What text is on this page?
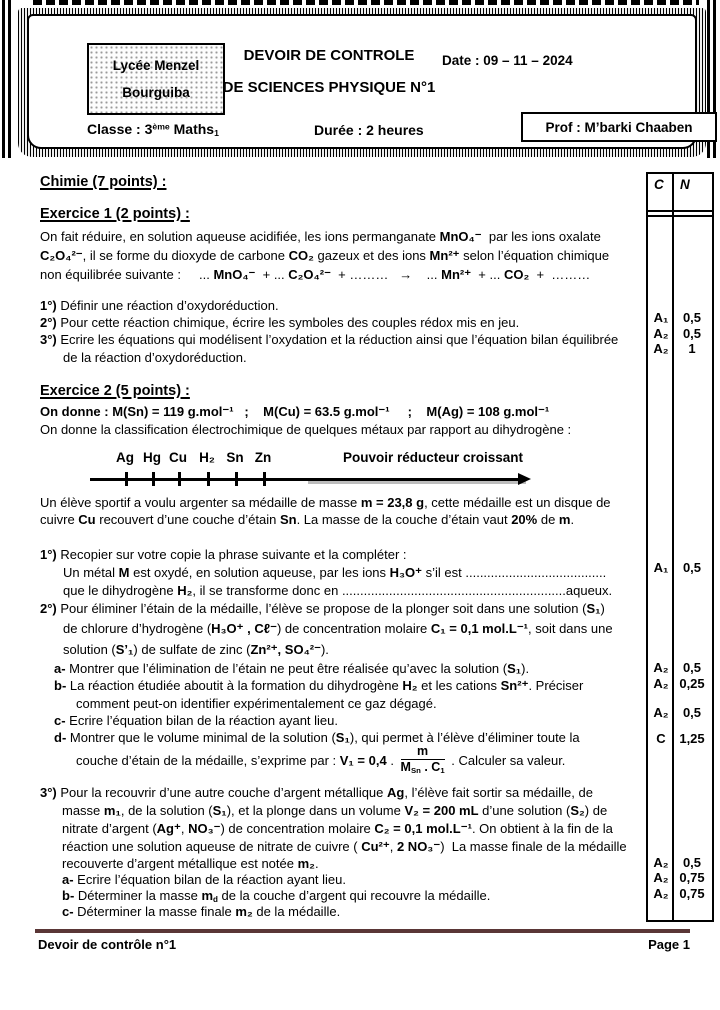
Lycée Menzel
Bourguiba
DEVOIR DE CONTROLE
DE SCIENCES PHYSIQUE N°1
Date : 09 – 11 – 2024
Classe : 3ème Maths$_1$	Durée : 2 heures	Prof : M’barki Chaaben
Chimie (7 points) :
Exercice 1 (2 points) :
On fait réduire, en solution aqueuse acidifiée, les ions permanganate MnO₄⁻  par les ions oxalate
C₂O₄²⁻, il se forme du dioxyde de carbone CO₂ gazeux et des ions Mn²⁺ selon l’équation chimique
non équilibrée suivante :     ... MnO₄⁻  + ... C₂O₄²⁻  + ………   →    ... Mn²⁺  + ... CO₂  +  ………
1°) Définir une réaction d’oxydoréduction.
2°) Pour cette réaction chimique, écrire les symboles des couples rédox mis en jeu.
3°) Ecrire les équations qui modélisent l’oxydation et la réduction ainsi que l’équation bilan équilibrée
de la réaction d’oxydoréduction.
Exercice 2 (5 points) :
On donne : M(Sn) = 119 g.mol⁻¹   ;    M(Cu) = 63.5 g.mol⁻¹     ;    M(Ag) = 108 g.mol⁻¹
On donne la classification électrochimique de quelques métaux par rapport au dihydrogène :
Ag Hg Cu H₂ Sn Zn	Pouvoir réducteur croissant
Un élève sportif a voulu argenter sa médaille de masse m = 23,8 g, cette médaille est un disque de
cuivre Cu recouvert d’une couche d’étain Sn. La masse de la couche d’étain vaut 20% de m.
1°) Recopier sur votre copie la phrase suivante et la compléter :
Un métal M est oxydé, en solution aqueuse, par les ions H₃O⁺ s’il est .......................................
que le dihydrogène H₂, il se transforme donc en ..............................................................aqueux.
2°) Pour éliminer l’étain de la médaille, l’élève se propose de la plonger soit dans une solution (S₁)
de chlorure d’hydrogène (H₃O⁺ , Cℓ⁻) de concentration molaire C₁ = 0,1 mol.L⁻¹, soit dans une
solution (S’₁) de sulfate de zinc (Zn²⁺, SO₄²⁻).
a- Montrer que l’élimination de l’étain ne peut être réalisée qu’avec la solution (S₁).
b- La réaction étudiée aboutit à la formation du dihydrogène H₂ et les cations Sn²⁺. Préciser
comment peut-on identifier expérimentalement ce gaz dégagé.
c- Ecrire l’équation bilan de la réaction ayant lieu.
d- Montrer que le volume minimal de la solution (S₁), qui permet à l’élève d’éliminer toute la
couche d’étain de la médaille, s’exprime par : V₁ = 0,4 . $\frac{m}{M_{Sn} . C_1}$ . Calculer sa valeur.
3°) Pour la recouvrir d’une autre couche d’argent métallique Ag, l’élève fait sortir sa médaille, de
masse m₁, de la solution (S₁), et la plonge dans un volume V₂ = 200 mL d’une solution (S₂) de
nitrate d’argent (Ag⁺, NO₃⁻) de concentration molaire C₂ = 0,1 mol.L⁻¹. On obtient à la fin de la
réaction une solution aqueuse de nitrate de cuivre ( Cu²⁺, 2 NO₃⁻)  La masse finale de la médaille
recouverte d’argent métallique est notée m₂.
a- Ecrire l’équation bilan de la réaction ayant lieu.
b- Déterminer la masse $m_d$ de la couche d’argent qui recouvre la médaille.
c- Déterminer la masse finale m₂ de la médaille.
C N
A₁	0,5
A₂	0,5
A₂	1
A₁	0,5
A₂	0,5
A₂ 0,25
A₂	0,5
C	1,25
A₂	0,5
A₂ 0,75
A₂ 0,75
Devoir de contrôle n°1	Page 1
